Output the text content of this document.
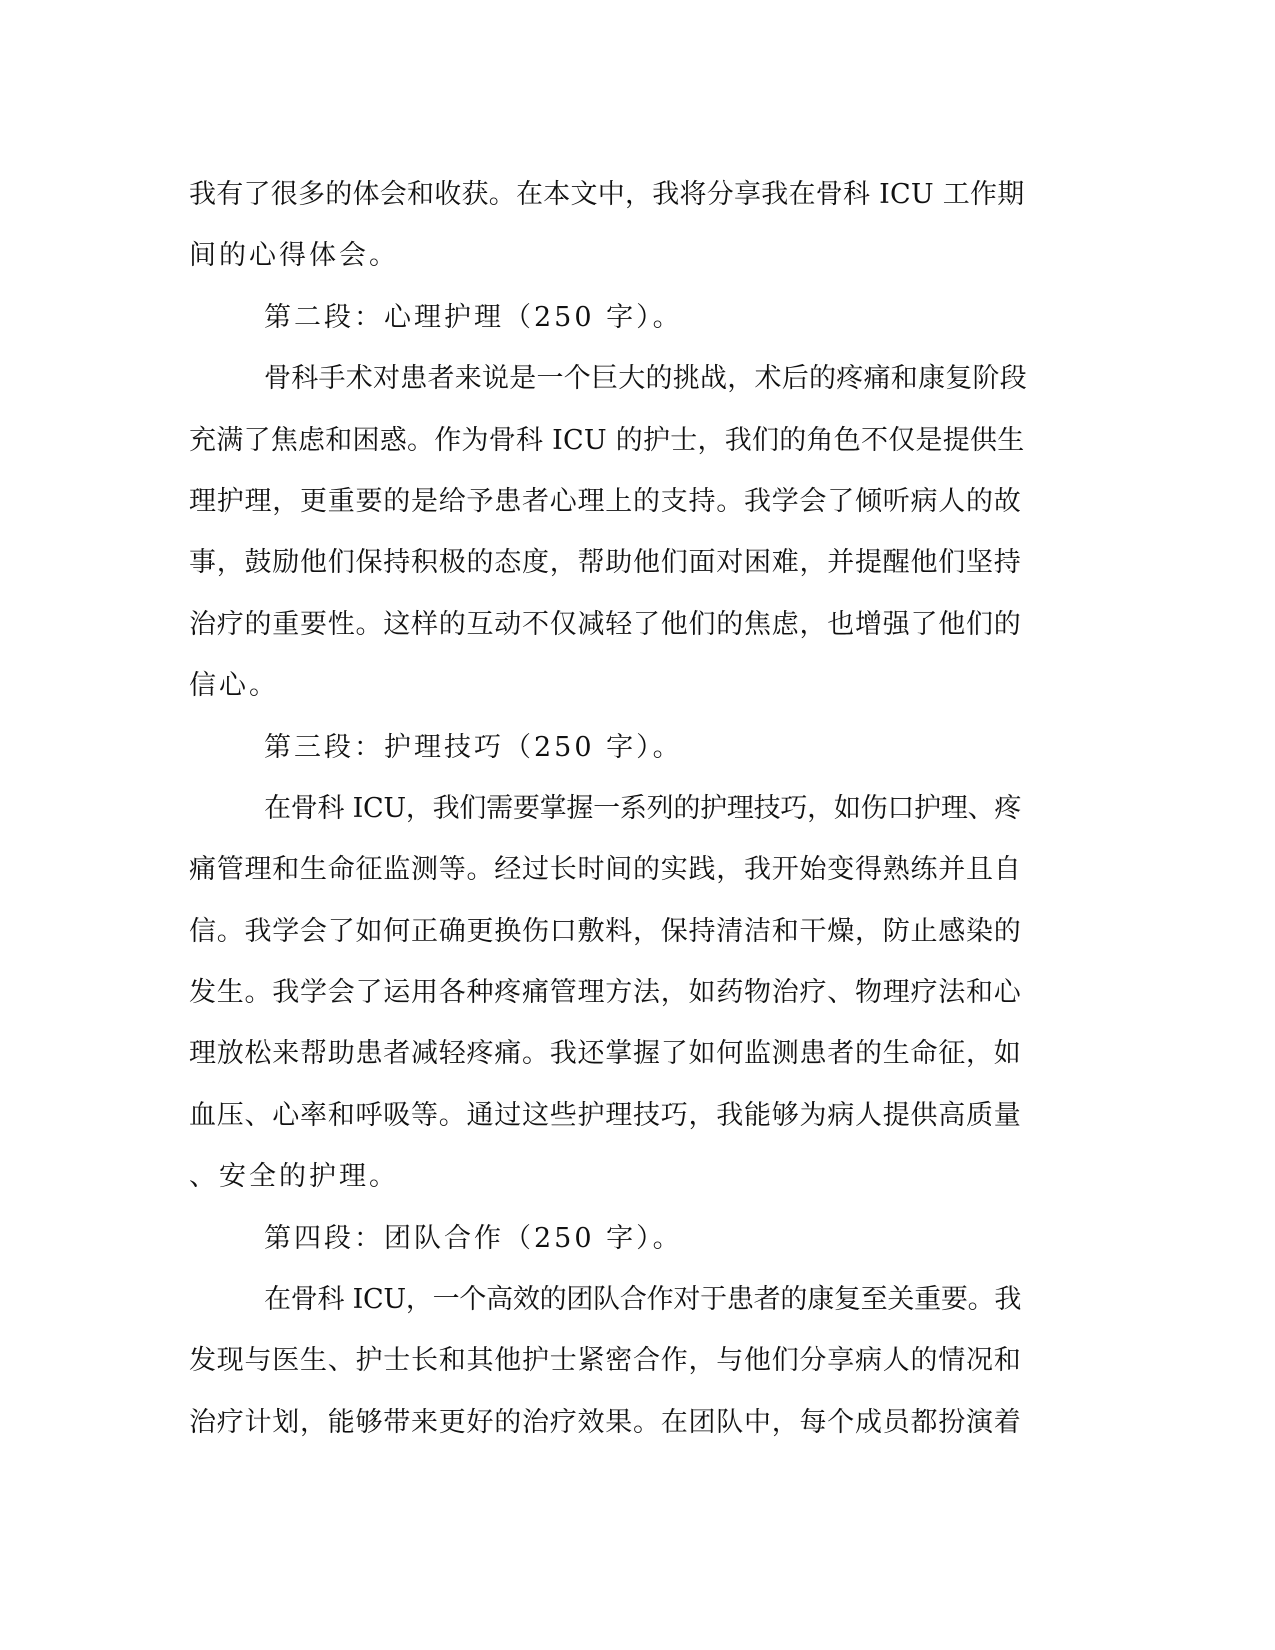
我有了很多的体会和收获。在本文中，我将分享我在骨科 ICU 工作期
间的心得体会。
第二段：心理护理（250 字）。
骨科手术对患者来说是一个巨大的挑战，术后的疼痛和康复阶段
充满了焦虑和困惑。作为骨科 ICU 的护士，我们的角色不仅是提供生
理护理，更重要的是给予患者心理上的支持。我学会了倾听病人的故
事，鼓励他们保持积极的态度，帮助他们面对困难，并提醒他们坚持
治疗的重要性。这样的互动不仅减轻了他们的焦虑，也增强了他们的
信心。
第三段：护理技巧（250 字）。
在骨科 ICU，我们需要掌握一系列的护理技巧，如伤口护理、疼
痛管理和生命征监测等。经过长时间的实践，我开始变得熟练并且自
信。我学会了如何正确更换伤口敷料，保持清洁和干燥，防止感染的
发生。我学会了运用各种疼痛管理方法，如药物治疗、物理疗法和心
理放松来帮助患者减轻疼痛。我还掌握了如何监测患者的生命征，如
血压、心率和呼吸等。通过这些护理技巧，我能够为病人提供高质量
、安全的护理。
第四段：团队合作（250 字）。
在骨科 ICU，一个高效的团队合作对于患者的康复至关重要。我
发现与医生、护士长和其他护士紧密合作，与他们分享病人的情况和
治疗计划，能够带来更好的治疗效果。在团队中，每个成员都扮演着
